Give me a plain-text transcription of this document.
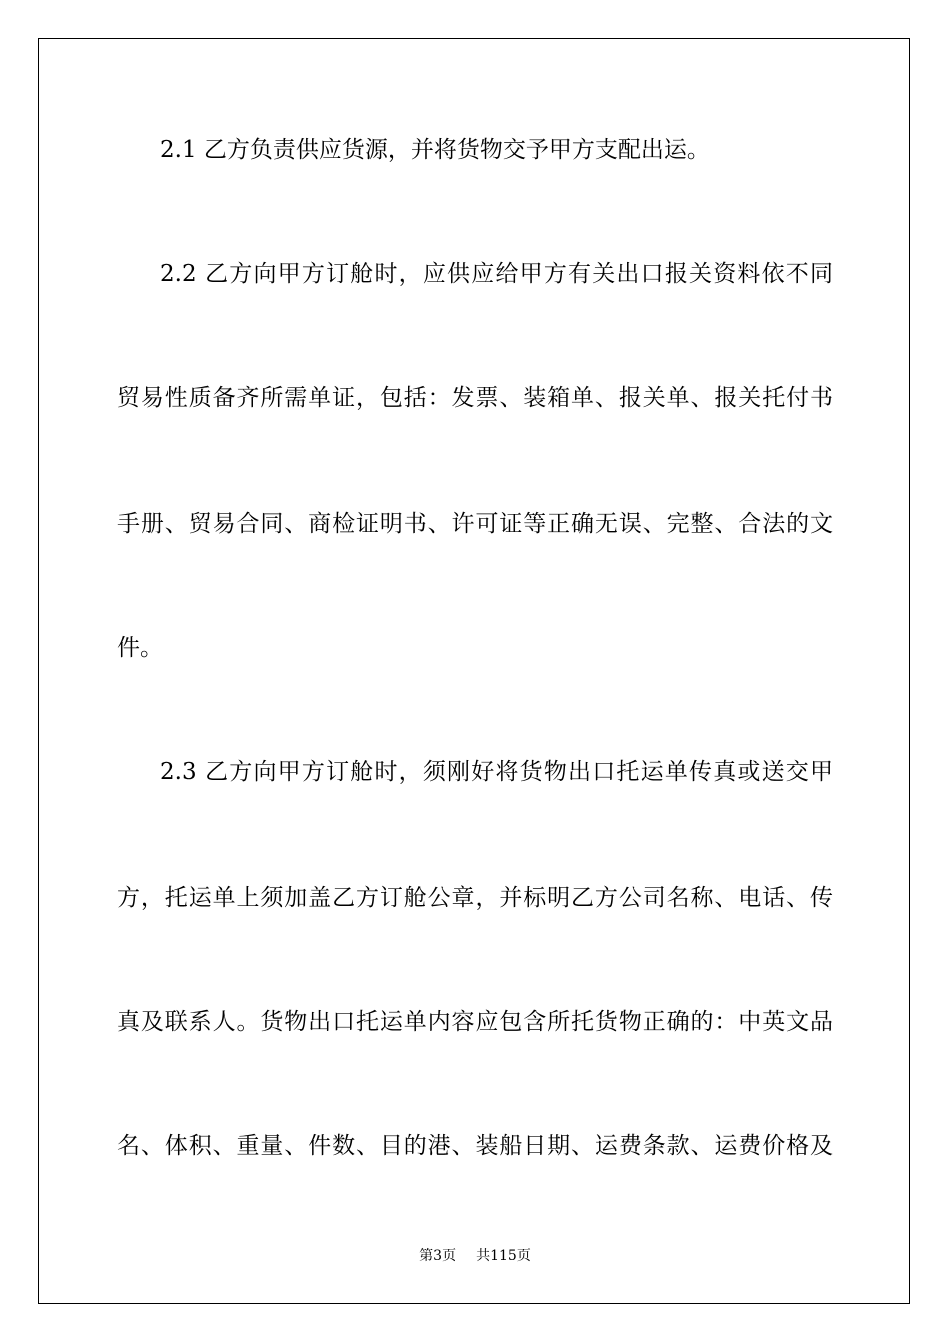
2.1 乙方负责供应货源，并将货物交予甲方支配出运。
2.2 乙方向甲方订舱时，应供应给甲方有关出口报关资料依不同
贸易性质备齐所需单证，包括：发票、装箱单、报关单、报关托付书
手册、贸易合同、商检证明书、许可证等正确无误、完整、合法的文
件。
2.3 乙方向甲方订舱时，须刚好将货物出口托运单传真或送交甲
方，托运单上须加盖乙方订舱公章，并标明乙方公司名称、电话、传
真及联系人。货物出口托运单内容应包含所托货物正确的：中英文品
名、体积、重量、件数、目的港、装船日期、运费条款、运费价格及
第3页 共115页
